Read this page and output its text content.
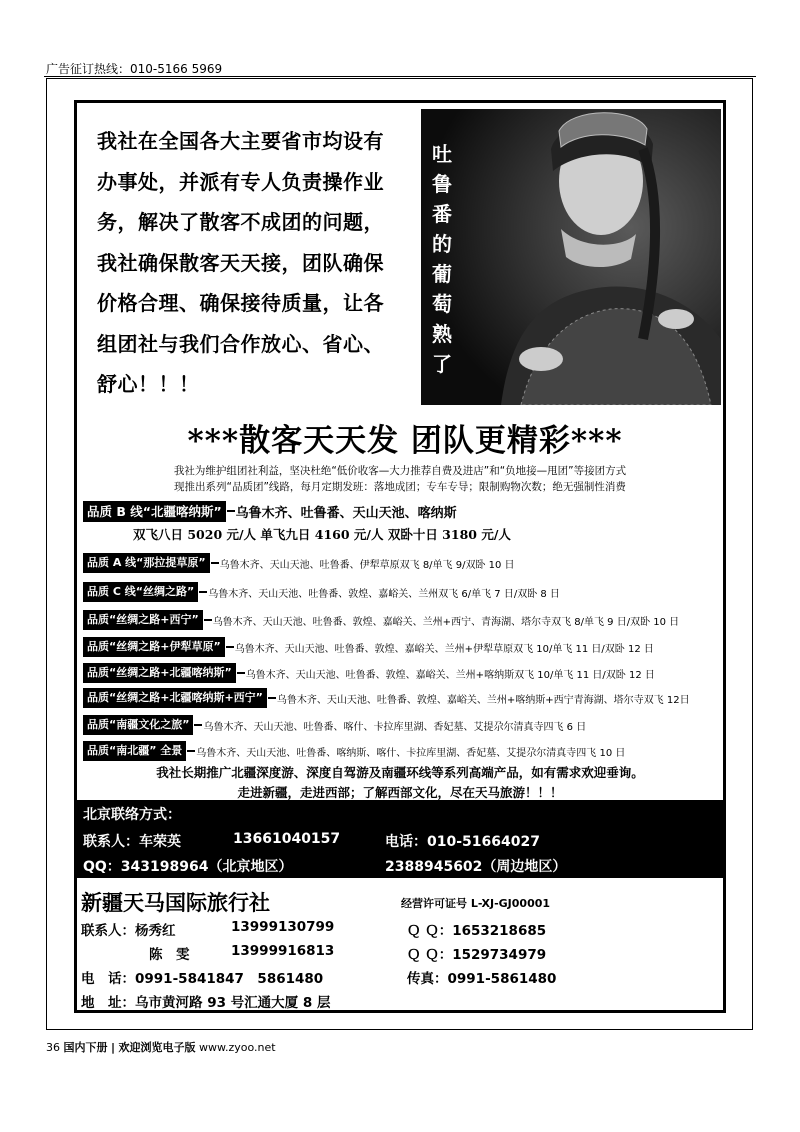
广告征订热线：010-5166 5969
我社在全国各大主要省市均设有
办事处，并派有专人负责操作业
务，解决了散客不成团的问题，
我社确保散客天天接，团队确保
价格合理、确保接待质量，让各
组团社与我们合作放心、省心、
舒心！！！
吐
鲁
番
的
葡
萄
熟
了
***散客天天发 团队更精彩***
我社为维护组团社利益，坚决杜绝“低价收客—大力推荐自费及进店”和“负地接—甩团”等接团方式
现推出系列“品质团”线路，每月定期发班：落地成团；专车专导；限制购物次数；绝无强制性消费
品质 B 线“北疆喀纳斯”	乌鲁木齐、吐鲁番、天山天池、喀纳斯
双飞八日 5020 元/人 单飞九日 4160 元/人 双卧十日 3180 元/人
品质 A 线“那拉提草原”	乌鲁木齐、天山天池、吐鲁番、伊犁草原双飞 8/单飞 9/双卧 10 日
品质 C 线“丝绸之路”	乌鲁木齐、天山天池、吐鲁番、敦煌、嘉峪关、兰州双飞 6/单飞 7 日/双卧 8 日
品质“丝绸之路+西宁”	乌鲁木齐、天山天池、吐鲁番、敦煌、嘉峪关、兰州+西宁、青海湖、塔尔寺双飞 8/单飞 9 日/双卧 10 日
品质“丝绸之路+伊犁草原”	乌鲁木齐、天山天池、吐鲁番、敦煌、嘉峪关、兰州+伊犁草原双飞 10/单飞 11 日/双卧 12 日
品质“丝绸之路+北疆喀纳斯”	乌鲁木齐、天山天池、吐鲁番、敦煌、嘉峪关、兰州+喀纳斯双飞 10/单飞 11 日/双卧 12 日
品质“丝绸之路+北疆喀纳斯+西宁”	乌鲁木齐、天山天池、吐鲁番、敦煌、嘉峪关、兰州+喀纳斯+西宁青海湖、塔尔寺双飞 12日
品质“南疆文化之旅”	乌鲁木齐、天山天池、吐鲁番、喀什、卡拉库里湖、香妃墓、艾提尕尔清真寺四飞 6 日
品质“南北疆” 全景	乌鲁木齐、天山天池、吐鲁番、喀纳斯、喀什、卡拉库里湖、香妃墓、艾提尕尔清真寺四飞 10 日
我社长期推广北疆深度游、深度自驾游及南疆环线等系列高端产品，如有需求欢迎垂询。
走进新疆，走进西部；了解西部文化，尽在天马旅游！！！
北京联络方式：
联系人：车荣英	13661040157	电话：010-51664027
QQ：343198964（北京地区）	2388945602（周边地区）
新疆天马国际旅行社	经营许可证号 L-XJ-GJ00001
联系人：杨秀红	13999130799	Ｑ Ｑ：1653218685
陈　雯	13999916813	Ｑ Ｑ：1529734979
电　话：0991-5841847　5861480	传真：0991-5861480
地　址：乌市黄河路 93 号汇通大厦 8 层
36 国内下册 | 欢迎浏览电子版 www.zyoo.net
